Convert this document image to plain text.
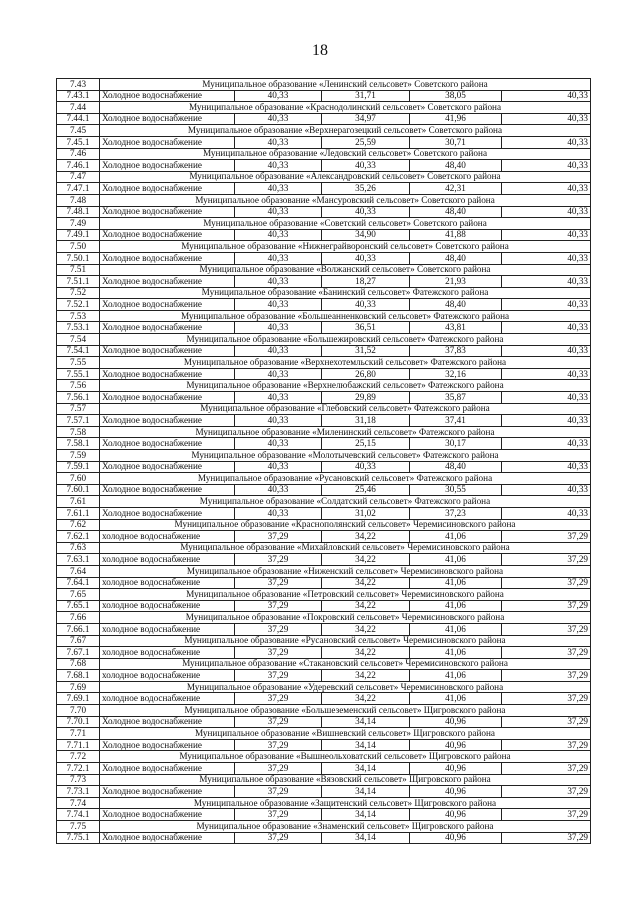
18
7.43	Муниципальное образование «Ленинский сельсовет» Советского района				
7.43.1	Холодное водоснабжение	40,33	31,71	38,05	40,33
7.44	Муниципальное образование «Краснодолинский сельсовет» Советского района				
7.44.1	Холодное водоснабжение	40,33	34,97	41,96	40,33
7.45	Муниципальное образование «Верхнерагозецкий сельсовет» Советского района				
7.45.1	Холодное водоснабжение	40,33	25,59	30,71	40,33
7.46	Муниципальное образование «Ледовский сельсовет» Советского района				
7.46.1	Холодное водоснабжение	40,33	40,33	48,40	40,33
7.47	Муниципальное образование «Александровский сельсовет» Советского района				
7.47.1	Холодное водоснабжение	40,33	35,26	42,31	40,33
7.48	Муниципальное образование «Мансуровский сельсовет» Советского района				
7.48.1	Холодное водоснабжение	40,33	40,33	48,40	40,33
7.49	Муниципальное образование «Советский сельсовет» Советского района				
7.49.1	Холодное водоснабжение	40,33	34,90	41,88	40,33
7.50	Муниципальное образование «Нижнеграйворонский сельсовет» Советского района				
7.50.1	Холодное водоснабжение	40,33	40,33	48,40	40,33
7.51	Муниципальное образование «Волжанский сельсовет» Советского района				
7.51.1	Холодное водоснабжение	40,33	18,27	21,93	40,33
7.52	Муниципальное образование «Банинский сельсовет» Фатежского района				
7.52.1	Холодное водоснабжение	40,33	40,33	48,40	40,33
7.53	Муниципальное образование «Большеанненковский сельсовет» Фатежского района				
7.53.1	Холодное водоснабжение	40,33	36,51	43,81	40,33
7.54	Муниципальное образование «Большежировский сельсовет» Фатежского района				
7.54.1	Холодное водоснабжение	40,33	31,52	37,83	40,33
7.55	Муниципальное образование «Верхнехотемльский сельсовет» Фатежского района				
7.55.1	Холодное водоснабжение	40,33	26,80	32,16	40,33
7.56	Муниципальное образование «Верхнелюбажский сельсовет» Фатежского района				
7.56.1	Холодное водоснабжение	40,33	29,89	35,87	40,33
7.57	Муниципальное образование «Глебовский сельсовет» Фатежского района				
7.57.1	Холодное водоснабжение	40,33	31,18	37,41	40,33
7.58	Муниципальное образование «Миленинский сельсовет» Фатежского района				
7.58.1	Холодное водоснабжение	40,33	25,15	30,17	40,33
7.59	Муниципальное образование «Молотычевский сельсовет» Фатежского района				
7.59.1	Холодное водоснабжение	40,33	40,33	48,40	40,33
7.60	Муниципальное образование «Русановский сельсовет» Фатежского района				
7.60.1	Холодное водоснабжение	40,33	25,46	30,55	40,33
7.61	Муниципальное образование «Солдатский сельсовет» Фатежского района				
7.61.1	Холодное водоснабжение	40,33	31,02	37,23	40,33
7.62	Муниципальное образование «Краснополянский сельсовет» Черемисиновского района				
7.62.1	холодное водоснабжение	37,29	34,22	41,06	37,29
7.63	Муниципальное образование «Михайловский сельсовет» Черемисиновского района				
7.63.1	холодное водоснабжение	37,29	34,22	41,06	37,29
7.64	Муниципальное образование «Ниженский сельсовет» Черемисиновского района				
7.64.1	холодное водоснабжение	37,29	34,22	41,06	37,29
7.65	Муниципальное образование «Петровский сельсовет» Черемисиновского района				
7.65.1	холодное водоснабжение	37,29	34,22	41,06	37,29
7.66	Муниципальное образование «Покровский сельсовет» Черемисиновского района				
7.66.1	холодное водоснабжение	37,29	34,22	41,06	37,29
7.67	Муниципальное образование «Русановский сельсовет» Черемисиновского района				
7.67.1	холодное водоснабжение	37,29	34,22	41,06	37,29
7.68	Муниципальное образование «Стакановский сельсовет» Черемисиновского района				
7.68.1	холодное водоснабжение	37,29	34,22	41,06	37,29
7.69	Муниципальное образование «Удеревский сельсовет» Черемисиновского района				
7.69.1	холодное водоснабжение	37,29	34,22	41,06	37,29
7.70	Муниципальное образование «Большеземенский сельсовет» Щигровского района				
7.70.1	Холодное водоснабжение	37,29	34,14	40,96	37,29
7.71	Муниципальное образование «Вишневский сельсовет» Щигровского района				
7.71.1	Холодное водоснабжение	37,29	34,14	40,96	37,29
7.72	Муниципальное образование «Вышнеольховатский сельсовет» Щигровского района				
7.72.1	Холодное водоснабжение	37,29	34,14	40,96	37,29
7.73	Муниципальное образование «Вязовский сельсовет» Щигровского района				
7.73.1	Холодное водоснабжение	37,29	34,14	40,96	37,29
7.74	Муниципальное образование «Защитенский сельсовет» Щигровского района				
7.74.1	Холодное водоснабжение	37,29	34,14	40,96	37,29
7.75	Муниципальное образование «Знаменский сельсовет» Щигровского района				
7.75.1	Холодное водоснабжение	37,29	34,14	40,96	37,29
